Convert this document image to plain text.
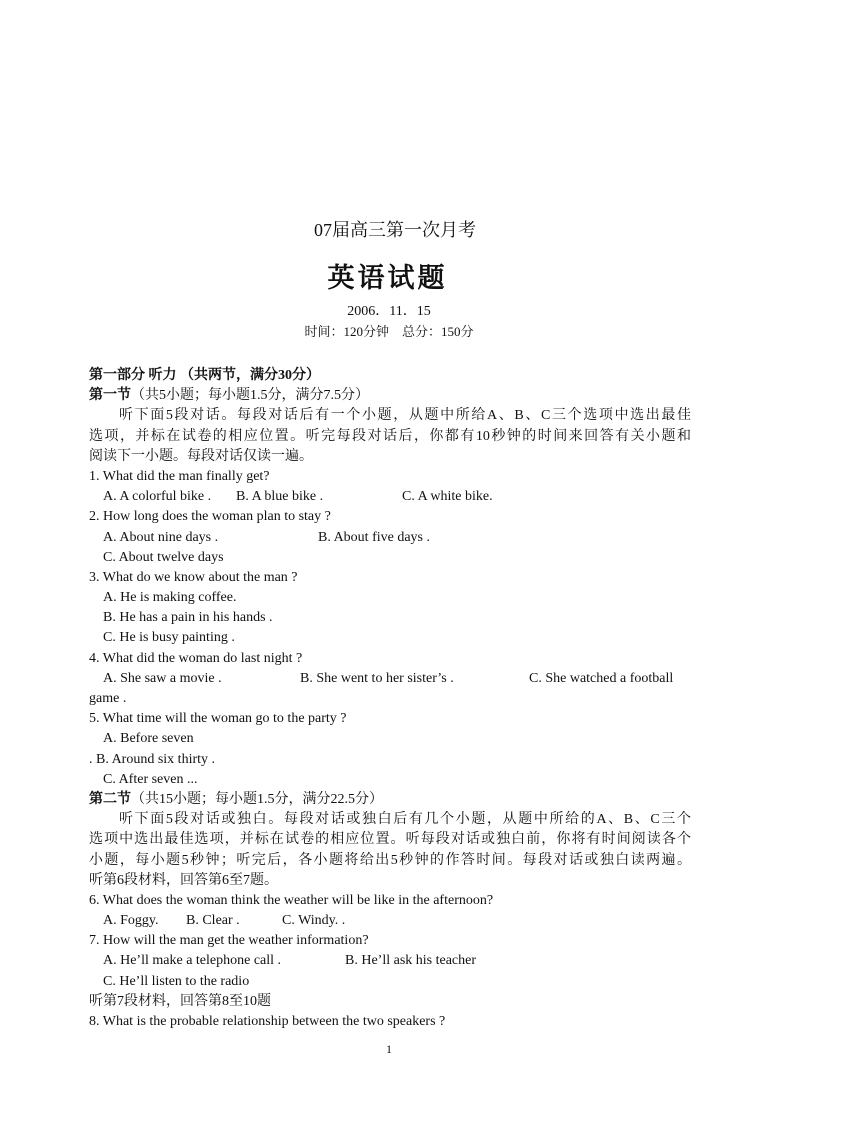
07届高三第一次月考
英语试题
2006．11．15
时间：120分钟　总分：150分
第一部分 听力 （共两节，满分30分）
第一节（共5小题；每小题1.5分，满分7.5分）
听下面5段对话。每段对话后有一个小题，从题中所给A、B、C三个选项中选出最佳
选项，并标在试卷的相应位置。听完每段对话后，你都有10秒钟的时间来回答有关小题和
阅读下一小题。每段对话仅读一遍。
1. What did the man finally get?
A. A colorful bike . B. A blue bike .	C. A white bike.
2. How long does the woman plan to stay ?
A. About nine days .	B. About five days .
C. About twelve days
3. What do we know about the man ?
A. He is making coffee.
B. He has a pain in his hands .
C. He is busy painting .
4. What did the woman do last night ?
A. She saw a movie .	B. She went to her sister’s .	C. She watched a football
game .
5. What time will the woman go to the party ?
A. Before seven
. B. Around six thirty .
C. After seven ...
第二节（共15小题；每小题1.5分，满分22.5分）
听下面5段对话或独白。每段对话或独白后有几个小题，从题中所给的A、B、C三个
选项中选出最佳选项，并标在试卷的相应位置。听每段对话或独白前，你将有时间阅读各个
小题，每小题5秒钟；听完后，各小题将给出5秒钟的作答时间。每段对话或独白读两遍。
听第6段材料，回答第6至7题。
6. What does the woman think the weather will be like in the afternoon?
A. Foggy. B. Clear .	C. Windy. .
7. How will the man get the weather information?
A. He’ll make a telephone call .	B. He’ll ask his teacher
C. He’ll listen to the radio
听第7段材料，回答第8至10题
8. What is the probable relationship between the two speakers ?
1
